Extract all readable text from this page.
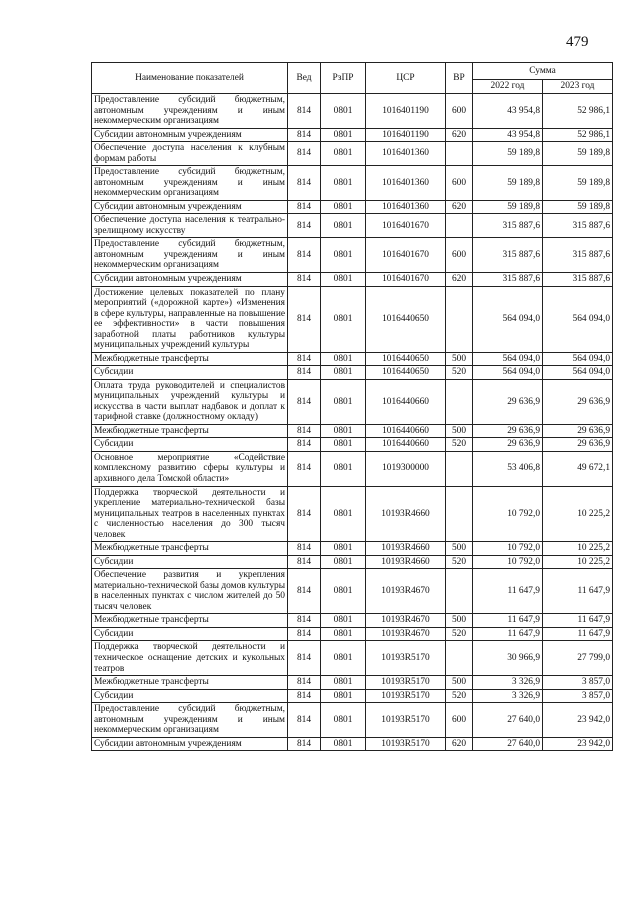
479
Наименование показателей	Вед	РзПР	ЦСР	ВР	Сумма	
					2022 год	2023 год
Предоставление субсидий бюджетным, автономным учреждениям и иным некоммерческим организациям	814	0801	1016401190	600	43 954,8	52 986,1
Субсидии автономным учреждениям	814	0801	1016401190	620	43 954,8	52 986,1
Обеспечение доступа населения к клубным формам работы	814	0801	1016401360		59 189,8	59 189,8
Предоставление субсидий бюджетным, автономным учреждениям и иным некоммерческим организациям	814	0801	1016401360	600	59 189,8	59 189,8
Субсидии автономным учреждениям	814	0801	1016401360	620	59 189,8	59 189,8
Обеспечение доступа населения к театрально-зрелищному искусству	814	0801	1016401670		315 887,6	315 887,6
Предоставление субсидий бюджетным, автономным учреждениям и иным некоммерческим организациям	814	0801	1016401670	600	315 887,6	315 887,6
Субсидии автономным учреждениям	814	0801	1016401670	620	315 887,6	315 887,6
Достижение целевых показателей по плану мероприятий («дорожной карте») «Изменения в сфере культуры, направленные на повышение ее эффективности» в части повышения заработной платы работников культуры муниципальных учреждений культуры	814	0801	1016440650		564 094,0	564 094,0
Межбюджетные трансферты	814	0801	1016440650	500	564 094,0	564 094,0
Субсидии	814	0801	1016440650	520	564 094,0	564 094,0
Оплата труда руководителей и специалистов муниципальных учреждений культуры и искусства в части выплат надбавок и доплат к тарифной ставке (должностному окладу)	814	0801	1016440660		29 636,9	29 636,9
Межбюджетные трансферты	814	0801	1016440660	500	29 636,9	29 636,9
Субсидии	814	0801	1016440660	520	29 636,9	29 636,9
Основное мероприятие «Содействие комплексному развитию сферы культуры и архивного дела Томской области»	814	0801	1019300000		53 406,8	49 672,1
Поддержка творческой деятельности и укрепление материально-технической базы муниципальных театров в населенных пунктах с численностью населения до 300 тысяч человек	814	0801	10193R4660		10 792,0	10 225,2
Межбюджетные трансферты	814	0801	10193R4660	500	10 792,0	10 225,2
Субсидии	814	0801	10193R4660	520	10 792,0	10 225,2
Обеспечение развития и укрепления материально-технической базы домов культуры в населенных пунктах с числом жителей до 50 тысяч человек	814	0801	10193R4670		11 647,9	11 647,9
Межбюджетные трансферты	814	0801	10193R4670	500	11 647,9	11 647,9
Субсидии	814	0801	10193R4670	520	11 647,9	11 647,9
Поддержка творческой деятельности и техническое оснащение детских и кукольных театров	814	0801	10193R5170		30 966,9	27 799,0
Межбюджетные трансферты	814	0801	10193R5170	500	3 326,9	3 857,0
Субсидии	814	0801	10193R5170	520	3 326,9	3 857,0
Предоставление субсидий бюджетным, автономным учреждениям и иным некоммерческим организациям	814	0801	10193R5170	600	27 640,0	23 942,0
Субсидии автономным учреждениям	814	0801	10193R5170	620	27 640,0	23 942,0
